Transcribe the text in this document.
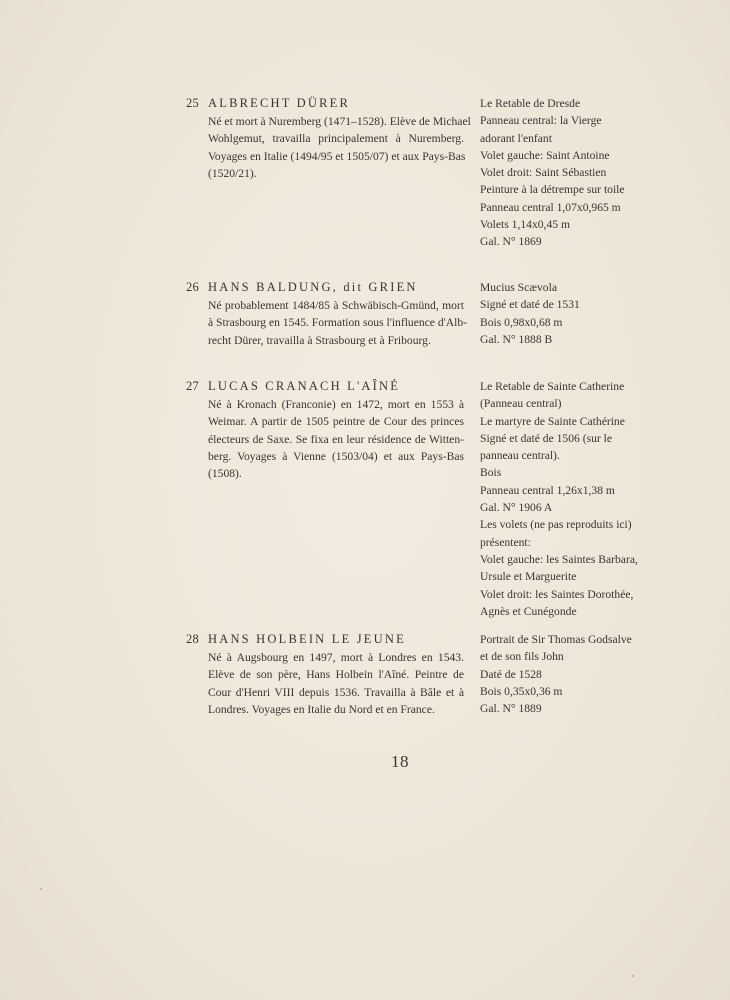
25 ALBRECHT DÜRER
Né et mort à Nuremberg (1471–1528). Elève de Michael
Wohlgemut, travailla principalement à Nuremberg.
Voyages en Italie (1494/95 et 1505/07) et aux Pays-Bas
(1520/21).
Le Retable de Dresde
Panneau central: la Vierge
adorant l'enfant
Volet gauche: Saint Antoine
Volet droit: Saint Sébastien
Peinture à la détrempe sur toile
Panneau central 1,07x0,965 m
Volets 1,14x0,45 m
Gal. N° 1869
26 HANS BALDUNG, dit GRIEN
Né probablement 1484/85 à Schwäbisch-Gmünd, mort
à Strasbourg en 1545. Formation sous l'influence d'Alb-
recht Dürer, travailla à Strasbourg et à Fribourg.
Mucius Scævola
Signé et daté de 1531
Bois 0,98x0,68 m
Gal. N° 1888 B
27 LUCAS CRANACH L'AÎNÉ
Né à Kronach (Franconie) en 1472, mort en 1553 à
Weimar. A partir de 1505 peintre de Cour des princes
électeurs de Saxe. Se fixa en leur résidence de Witten-
berg. Voyages à Vienne (1503/04) et aux Pays-Bas
(1508).
Le Retable de Sainte Catherine
(Panneau central)
Le martyre de Sainte Cathérine
Signé et daté de 1506 (sur le
panneau central).
Bois
Panneau central 1,26x1,38 m
Gal. N° 1906 A
Les volets (ne pas reproduits ici)
présentent:
Volet gauche: les Saintes Barbara,
Ursule et Marguerite
Volet droit: les Saintes Dorothée,
Agnès et Cunégonde
28 HANS HOLBEIN LE JEUNE
Né à Augsbourg en 1497, mort à Londres en 1543.
Elève de son père, Hans Holbein l'Aîné. Peintre de
Cour d'Henri VIII depuis 1536. Travailla à Bâle et à
Londres. Voyages en Italie du Nord et en France.
Portrait de Sir Thomas Godsalve
et de son fils John
Daté de 1528
Bois 0,35x0,36 m
Gal. N° 1889
18
